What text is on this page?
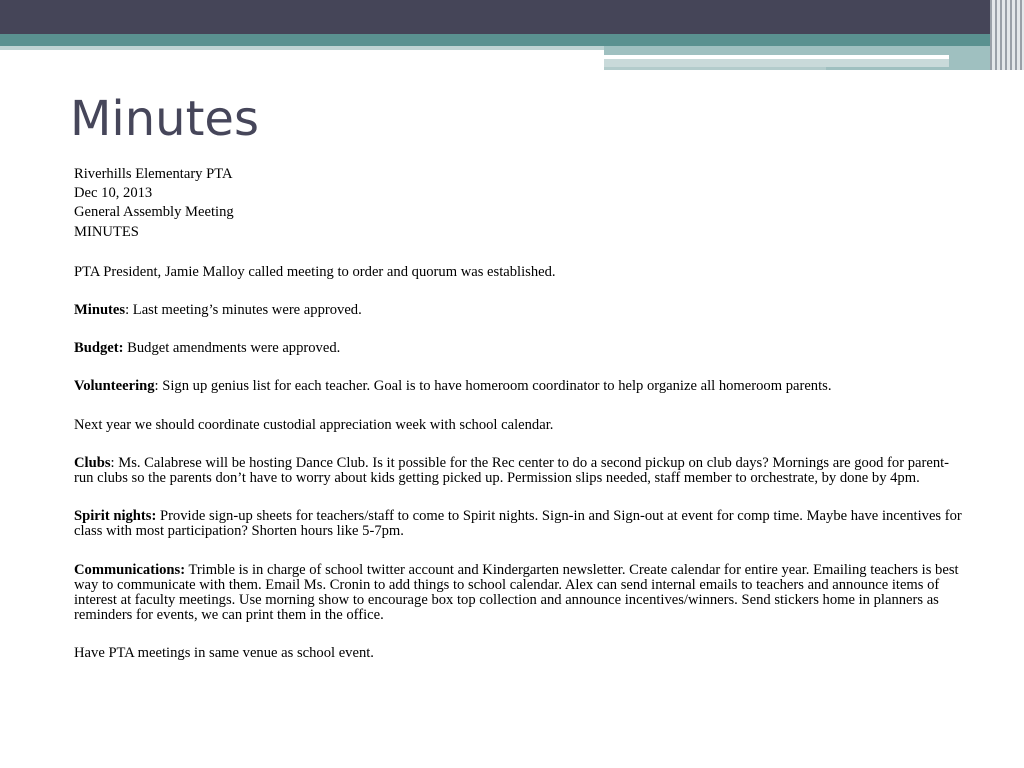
Minutes

Riverhills Elementary PTA

Dec 10, 2013

General Assembly Meeting

MINUTES

PTA President, Jamie Malloy called meeting to order and quorum was established.

Minutes: Last meeting’s minutes were approved.

Budget: Budget amendments were approved.

Volunteering: Sign up genius list for each teacher. Goal is to have homeroom coordinator to help organize all homeroom parents.

Next year we should coordinate custodial appreciation week with school calendar.

Clubs: Ms. Calabrese will be hosting Dance Club. Is it possible for the Rec center to do a second pickup on club days? Mornings are good for parent-run clubs so the parents don’t have to worry about kids getting picked up. Permission slips needed, staff member to orchestrate, by done by 4pm.

Spirit nights: Provide sign-up sheets for teachers/staff to come to Spirit nights. Sign-in and Sign-out at event for comp time. Maybe have incentives for class with most participation? Shorten hours like 5-7pm.

Communications: Trimble is in charge of school twitter account and Kindergarten newsletter. Create calendar for entire year. Emailing teachers is best way to communicate with them. Email Ms. Cronin to add things to school calendar. Alex can send internal emails to teachers and announce items of interest at faculty meetings. Use morning show to encourage box top collection and announce incentives/winners. Send stickers home in planners as reminders for events, we can print them in the office.

Have PTA meetings in same venue as school event.
